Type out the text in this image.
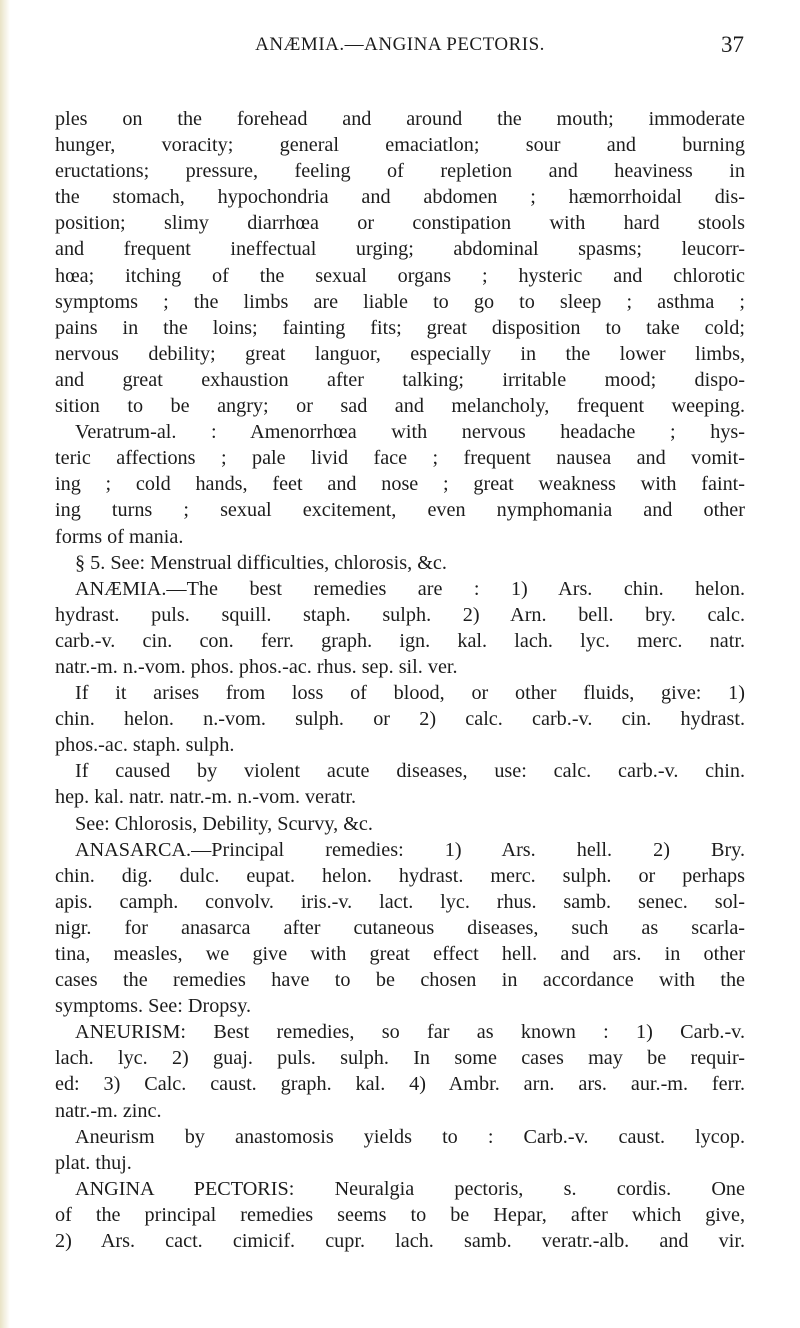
ANÆMIA.—ANGINA PECTORIS.	37
ples on the forehead and around the mouth; immoderate
hunger, voracity; general emaciatlon; sour and burning
eructations; pressure, feeling of repletion and heaviness in
the stomach, hypochondria and abdomen ; hæmorrhoidal dis-
position; slimy diarrhœa or constipation with hard stools
and frequent ineffectual urging; abdominal spasms; leucorr-
hœa; itching of the sexual organs ; hysteric and chlorotic
symptoms ; the limbs are liable to go to sleep ; asthma ;
pains in the loins; fainting fits; great disposition to take cold;
nervous debility; great languor, especially in the lower limbs,
and great exhaustion after talking; irritable mood; dispo-
sition to be angry; or sad and melancholy, frequent weeping.
Veratrum-al. : Amenorrhœa with nervous headache ; hys-
teric affections ; pale livid face ; frequent nausea and vomit-
ing ; cold hands, feet and nose ; great weakness with faint-
ing turns ; sexual excitement, even nymphomania and other
forms of mania.
§ 5. See: Menstrual difficulties, chlorosis, &c.
ANÆMIA.—The best remedies are : 1) Ars. chin. helon.
hydrast. puls. squill. staph. sulph. 2) Arn. bell. bry. calc.
carb.-v. cin. con. ferr. graph. ign. kal. lach. lyc. merc. natr.
natr.-m. n.-vom. phos. phos.-ac. rhus. sep. sil. ver.
If it arises from loss of blood, or other fluids, give: 1)
chin. helon. n.-vom. sulph. or 2) calc. carb.-v. cin. hydrast.
phos.-ac. staph. sulph.
If caused by violent acute diseases, use: calc. carb.-v. chin.
hep. kal. natr. natr.-m. n.-vom. veratr.
See: Chlorosis, Debility, Scurvy, &c.
ANASARCA.—Principal remedies: 1) Ars. hell. 2) Bry.
chin. dig. dulc. eupat. helon. hydrast. merc. sulph. or perhaps
apis. camph. convolv. iris.-v. lact. lyc. rhus. samb. senec. sol-
nigr. for anasarca after cutaneous diseases, such as scarla-
tina, measles, we give with great effect hell. and ars. in other
cases the remedies have to be chosen in accordance with the
symptoms. See: Dropsy.
ANEURISM: Best remedies, so far as known : 1) Carb.-v.
lach. lyc. 2) guaj. puls. sulph. In some cases may be requir-
ed: 3) Calc. caust. graph. kal. 4) Ambr. arn. ars. aur.-m. ferr.
natr.-m. zinc.
Aneurism by anastomosis yields to : Carb.-v. caust. lycop.
plat. thuj.
ANGINA PECTORIS: Neuralgia pectoris, s. cordis. One
of the principal remedies seems to be Hepar, after which give,
2) Ars. cact. cimicif. cupr. lach. samb. veratr.-alb. and vir.
